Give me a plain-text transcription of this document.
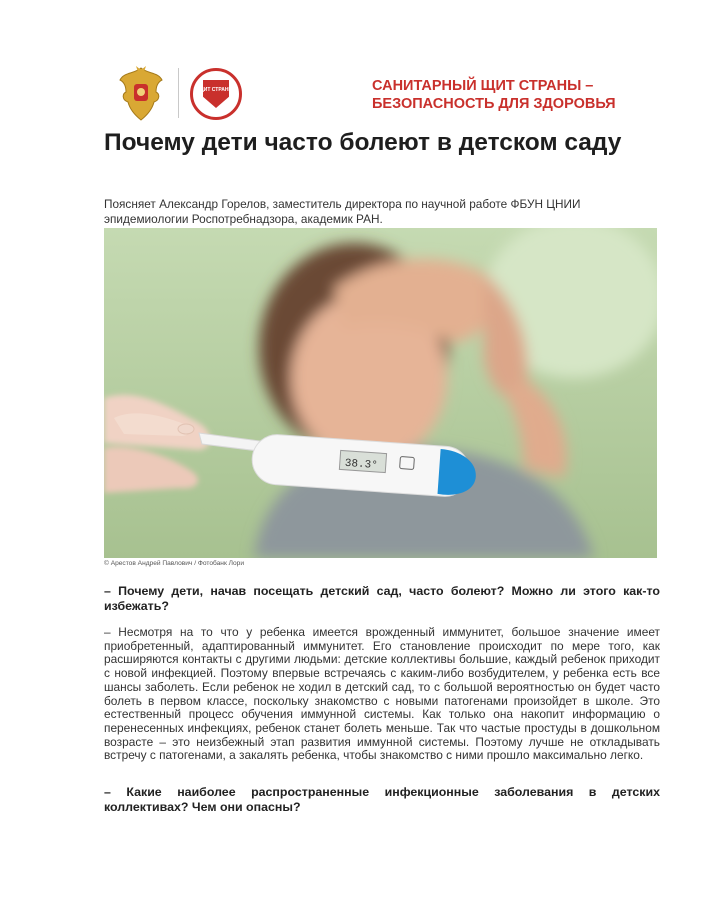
ЩИТ СТРАНЫ	САНИТАРНЫЙ ЩИТ СТРАНЫ –
БЕЗОПАСНОСТЬ ДЛЯ ЗДОРОВЬЯ
Почему дети часто болеют в детском саду
Поясняет Александр Горелов, заместитель директора по научной работе ФБУН ЦНИИ эпидемиологии Роспотребнадзора, академик РАН.
38.3°
© Арестов Андрей Павлович / Фотобанк Лори
– Почему дети, начав посещать детский сад, часто болеют? Можно ли этого как-то избежать?
– Несмотря на то что у ребенка имеется врожденный иммунитет, большое значение имеет приобретенный, адаптированный иммунитет. Его становление происходит по мере того, как расширяются контакты с другими людьми: детские коллективы большие, каждый ребенок приходит с новой инфекцией. Поэтому впервые встречаясь с каким-либо возбудителем, у ребенка есть все шансы заболеть. Если ребенок не ходил в детский сад, то с большой вероятностью он будет часто болеть в первом классе, поскольку знакомство с новыми патогенами произойдет в школе. Это естественный процесс обучения иммунной системы. Как только она накопит информацию о перенесенных инфекциях, ребенок станет болеть меньше. Так что частые простуды в дошкольном возрасте – это неизбежный этап развития иммунной системы. Поэтому лучше не откладывать встречу с патогенами, а закалять ребенка, чтобы знакомство с ними прошло максимально легко.
– Какие наиболее распространенные инфекционные заболевания в детских коллективах? Чем они опасны?
